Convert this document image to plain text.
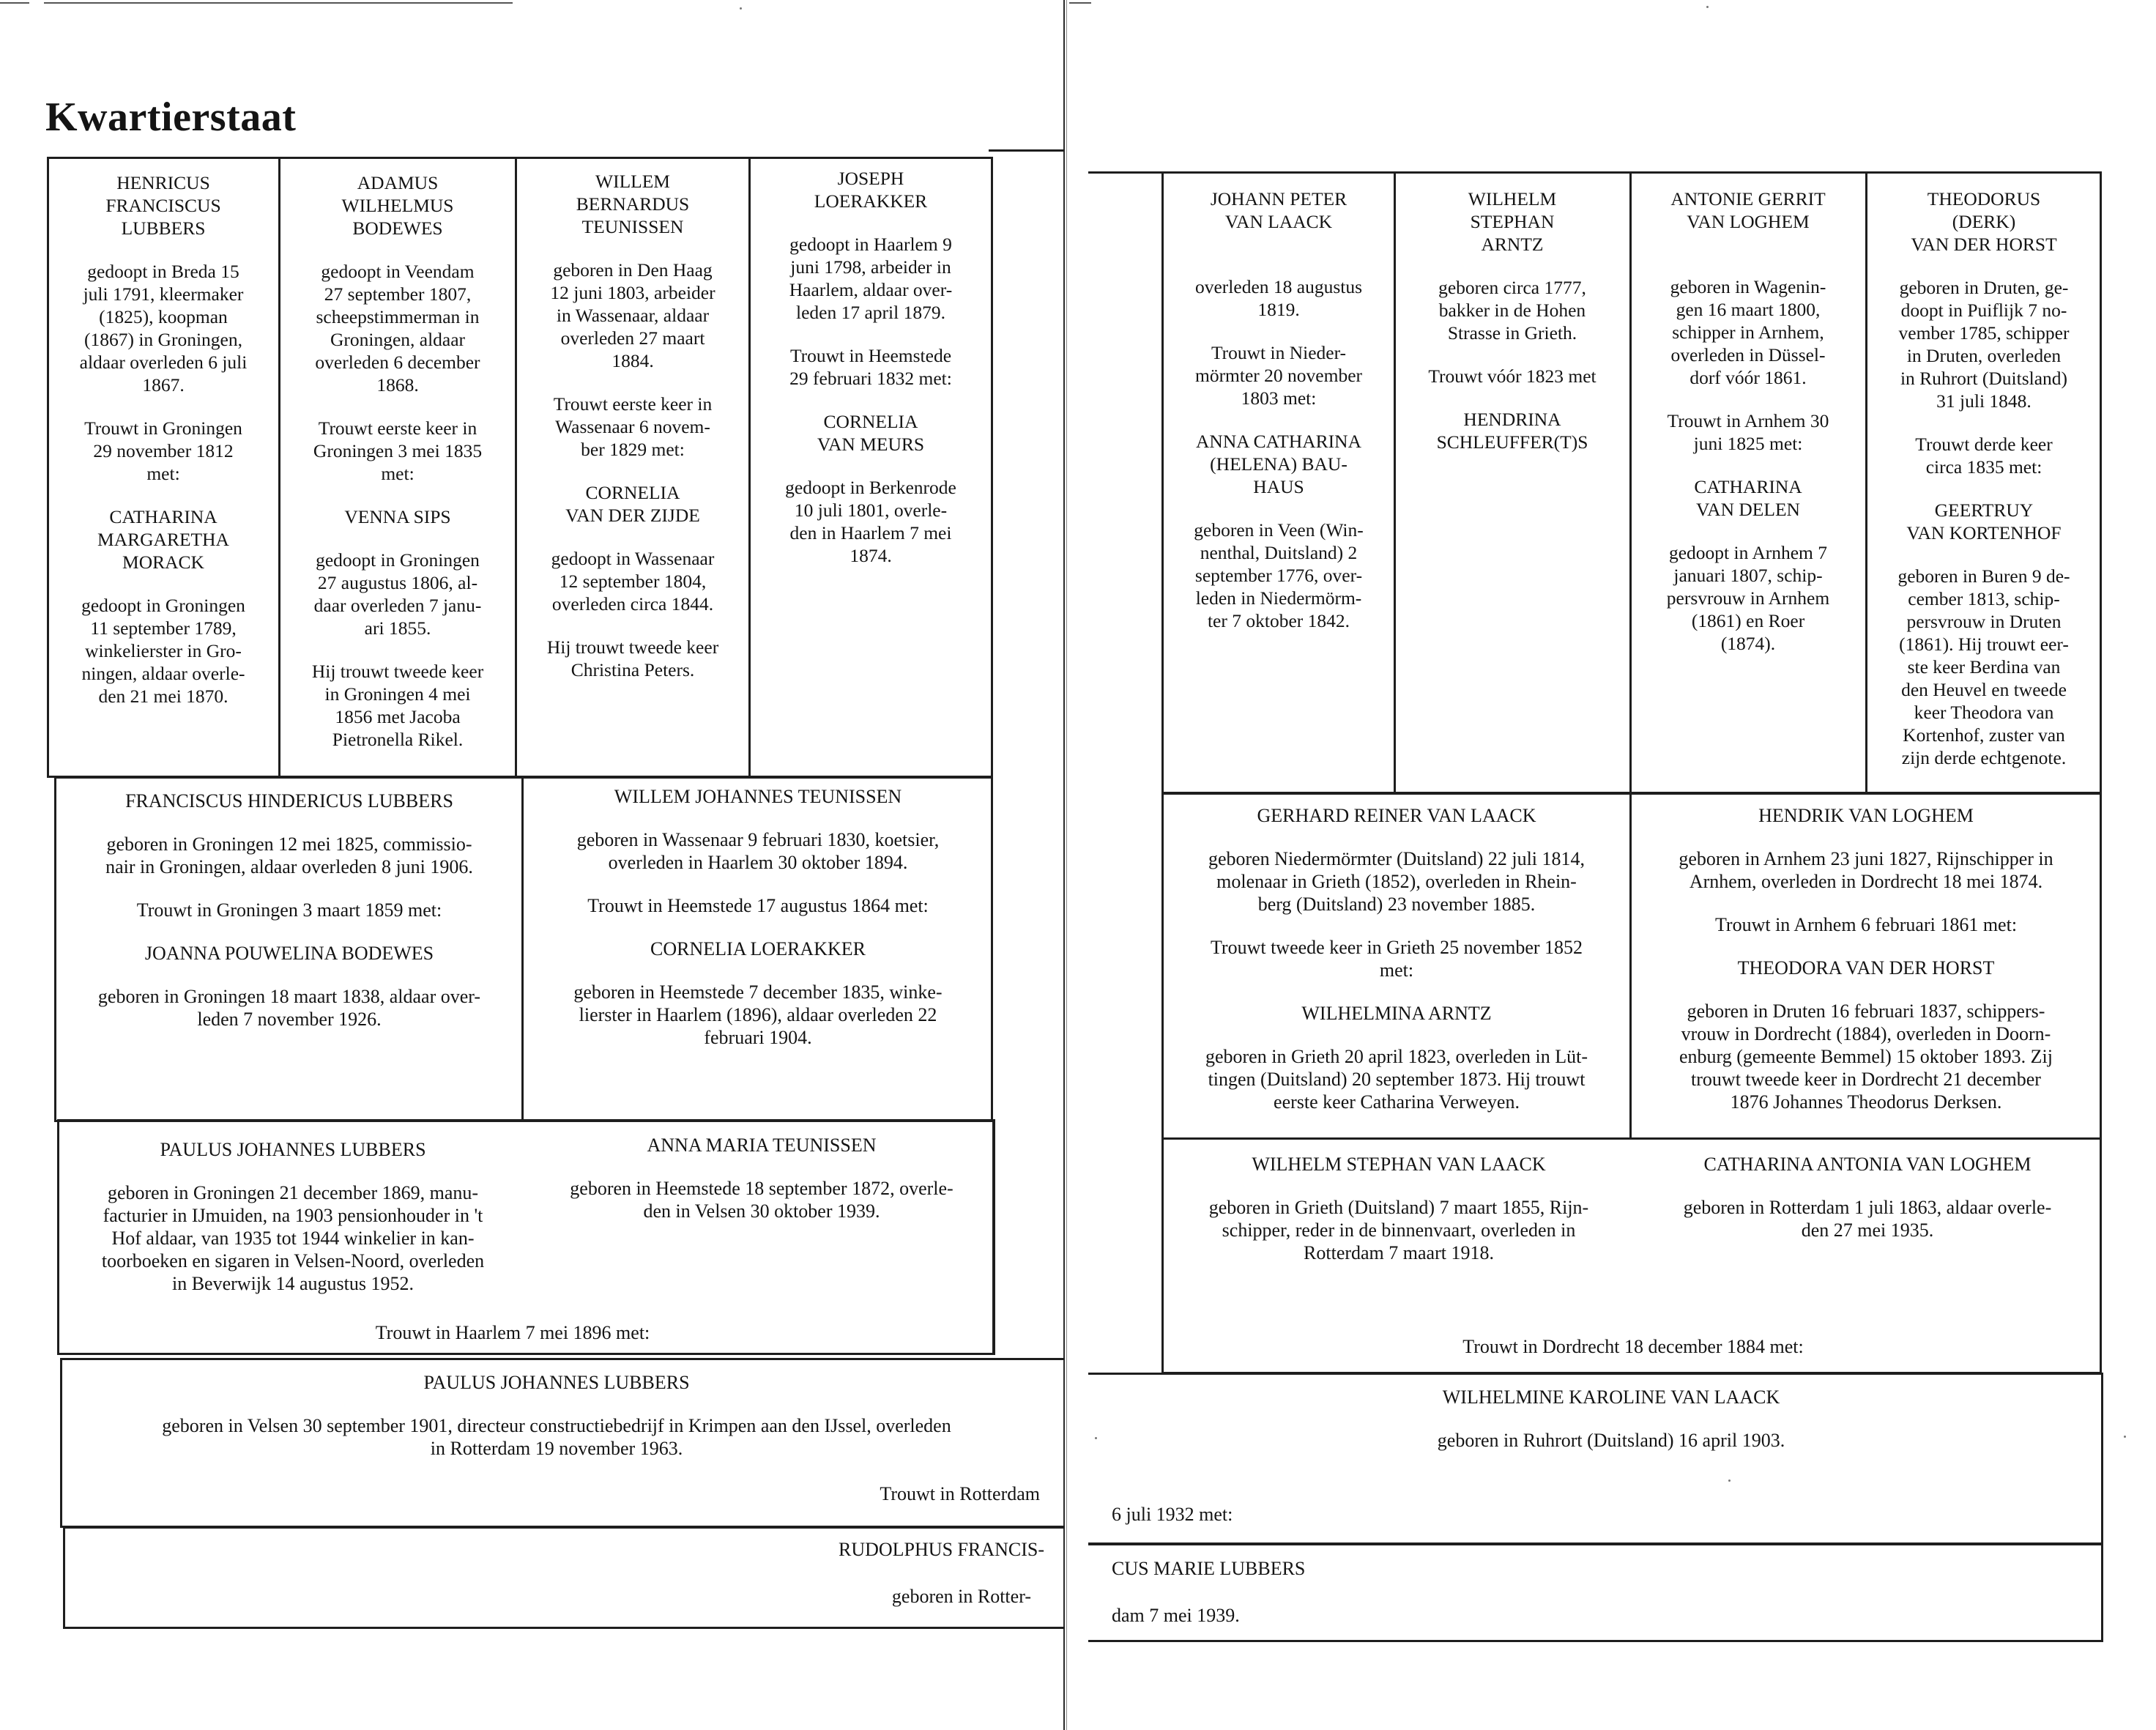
Kwartierstaat

HENRICUS
FRANCISCUS
LUBBERS

gedoopt in Breda 15
juli 1791, kleermaker
(1825), koopman
(1867) in Groningen,
aldaar overleden 6 juli
1867.

Trouwt in Groningen
29 november 1812
met:

CATHARINA
MARGARETHA
MORACK

gedoopt in Groningen
11 september 1789,
winkelierster in Gro-
ningen, aldaar overle-
den 21 mei 1870.

ADAMUS
WILHELMUS
BODEWES

gedoopt in Veendam
27 september 1807,
scheepstimmerman in
Groningen, aldaar
overleden 6 december
1868.

Trouwt eerste keer in
Groningen 3 mei 1835
met:

VENNA SIPS

gedoopt in Groningen
27 augustus 1806, al-
daar overleden 7 janu-
ari 1855.

Hij trouwt tweede keer
in Groningen 4 mei
1856 met Jacoba
Pietronella Rikel.

WILLEM
BERNARDUS
TEUNISSEN

geboren in Den Haag
12 juni 1803, arbeider
in Wassenaar, aldaar
overleden 27 maart
1884.

Trouwt eerste keer in
Wassenaar 6 novem-
ber 1829 met:

CORNELIA
VAN DER ZIJDE

gedoopt in Wassenaar
12 september 1804,
overleden circa 1844.

Hij trouwt tweede keer
Christina Peters.

JOSEPH
LOERAKKER

gedoopt in Haarlem 9
juni 1798, arbeider in
Haarlem, aldaar over-
leden 17 april 1879.

Trouwt in Heemstede
29 februari 1832 met:

CORNELIA
VAN MEURS

gedoopt in Berkenrode
10 juli 1801, overle-
den in Haarlem 7 mei
1874.

FRANCISCUS HINDERICUS LUBBERS

geboren in Groningen 12 mei 1825, commissio-
nair in Groningen, aldaar overleden 8 juni 1906.

Trouwt in Groningen 3 maart 1859 met:

JOANNA POUWELINA BODEWES

geboren in Groningen 18 maart 1838, aldaar over-
leden 7 november 1926.

WILLEM JOHANNES TEUNISSEN

geboren in Wassenaar 9 februari 1830, koetsier,
overleden in Haarlem 30 oktober 1894.

Trouwt in Heemstede 17 augustus 1864 met:

CORNELIA LOERAKKER

geboren in Heemstede 7 december 1835, winke-
lierster in Haarlem (1896), aldaar overleden 22
februari 1904.

PAULUS JOHANNES LUBBERS

geboren in Groningen 21 december 1869, manu-
facturier in IJmuiden, na 1903 pensionhouder in 't
Hof aldaar, van 1935 tot 1944 winkelier in kan-
toorboeken en sigaren in Velsen-Noord, overleden
in Beverwijk 14 augustus 1952.

ANNA MARIA TEUNISSEN

geboren in Heemstede 18 september 1872, overle-
den in Velsen 30 oktober 1939.

Trouwt in Haarlem 7 mei 1896 met:

PAULUS JOHANNES LUBBERS

geboren in Velsen 30 september 1901, directeur constructiebedrijf in Krimpen aan den IJssel, overleden
in Rotterdam 19 november 1963.

Trouwt in Rotterdam
RUDOLPHUS FRANCIS-
geboren in Rotter-

JOHANN PETER
VAN LAACK

overleden 18 augustus
1819.

Trouwt in Nieder-
mörmter 20 november
1803 met:

ANNA CATHARINA
(HELENA) BAU-
HAUS

geboren in Veen (Win-
nenthal, Duitsland) 2
september 1776, over-
leden in Niedermörm-
ter 7 oktober 1842.

WILHELM
STEPHAN
ARNTZ

geboren circa 1777,
bakker in de Hohen
Strasse in Grieth.

Trouwt vóór 1823 met

HENDRINA
SCHLEUFFER(T)S

ANTONIE GERRIT
VAN LOGHEM

geboren in Wagenin-
gen 16 maart 1800,
schipper in Arnhem,
overleden in Düssel-
dorf vóór 1861.

Trouwt in Arnhem 30
juni 1825 met:

CATHARINA
VAN DELEN

gedoopt in Arnhem 7
januari 1807, schip-
persvrouw in Arnhem
(1861) en Roer
(1874).

THEODORUS
(DERK)
VAN DER HORST

geboren in Druten, ge-
doopt in Puiflijk 7 no-
vember 1785, schipper
in Druten, overleden
in Ruhrort (Duitsland)
31 juli 1848.

Trouwt derde keer
circa 1835 met:

GEERTRUY
VAN KORTENHOF

geboren in Buren 9 de-
cember 1813, schip-
persvrouw in Druten
(1861). Hij trouwt eer-
ste keer Berdina van
den Heuvel en tweede
keer Theodora van
Kortenhof, zuster van
zijn derde echtgenote.

GERHARD REINER VAN LAACK

geboren Niedermörmter (Duitsland) 22 juli 1814,
molenaar in Grieth (1852), overleden in Rhein-
berg (Duitsland) 23 november 1885.

Trouwt tweede keer in Grieth 25 november 1852
met:

WILHELMINA ARNTZ

geboren in Grieth 20 april 1823, overleden in Lüt-
tingen (Duitsland) 20 september 1873. Hij trouwt
eerste keer Catharina Verweyen.

HENDRIK VAN LOGHEM

geboren in Arnhem 23 juni 1827, Rijnschipper in
Arnhem, overleden in Dordrecht 18 mei 1874.

Trouwt in Arnhem 6 februari 1861 met:

THEODORA VAN DER HORST

geboren in Druten 16 februari 1837, schippers-
vrouw in Dordrecht (1884), overleden in Doorn-
enburg (gemeente Bemmel) 15 oktober 1893. Zij
trouwt tweede keer in Dordrecht 21 december
1876 Johannes Theodorus Derksen.

WILHELM STEPHAN VAN LAACK

geboren in Grieth (Duitsland) 7 maart 1855, Rijn-
schipper, reder in de binnenvaart, overleden in
Rotterdam 7 maart 1918.

CATHARINA ANTONIA VAN LOGHEM

geboren in Rotterdam 1 juli 1863, aldaar overle-
den 27 mei 1935.

Trouwt in Dordrecht 18 december 1884 met:

WILHELMINE KAROLINE VAN LAACK

geboren in Ruhrort (Duitsland) 16 april 1903.

6 juli 1932 met:
CUS MARIE LUBBERS
dam 7 mei 1939.
